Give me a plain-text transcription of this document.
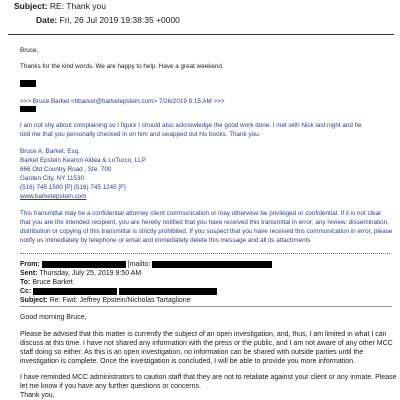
Subject: RE: Thank you
Date: Fri, 26 Jul 2019 19:38:35 +0000
Bruce,
Thanks for the kind words. We are happy to help. Have a great weekend.
>>> Bruce Barket <bbarket@barketepstein.com> 7/26/2019 8:15 AM >>>
I am not shy about complaining so I figure I should also acknowledge the good work done. I met with Nick last night and he
told me that you personally checked in on him and swapped out his books. Thank you.
Bruce A. Barket, Esq.
Barket Epstein Kearon Aldea & LoTurco, LLP
666 Old Country Road , Ste. 700
Garden City, NY 11530
(516) 745 1500 [P] (516) 745 1245 [F]
www.barketepstein.com
This transmittal may be a confidential attorney client communication or may otherwise be privileged or confidential. If it is not clear
that you are the intended recipient, you are hereby notified that you have received this transmittal in error; any review, dissemination,
distribution or copying of this transmittal is strictly prohibited. If you suspect that you have received this communication in error, please
notify us immediately by telephone or email and immediately delete this message and all its attachments
From:	[mailto:
Sent: Thursday, July 25, 2019 9:50 AM
To: Bruce Barket
Cc:
Subject: Re: Fwd: Jeffrey Epstein/Nicholas Tartaglione
Good morning Bruce,
Please be advised that this matter is currently the subject of an open investigation, and, thus, I am limited in what I can
discuss at this time. I have not shared any information with the press or the public, and I am not aware of any other MCC
staff doing so either. As this is an open investigation, no information can be shared with outside parties until the
investigation is complete. Once the investigation is concluded, I will be able to provide you more information.
I have reminded MCC administrators to caution staff that they are not to retaliate against your client or any inmate. Please
let me know if you have any further questions or concerns.
Thank you,
